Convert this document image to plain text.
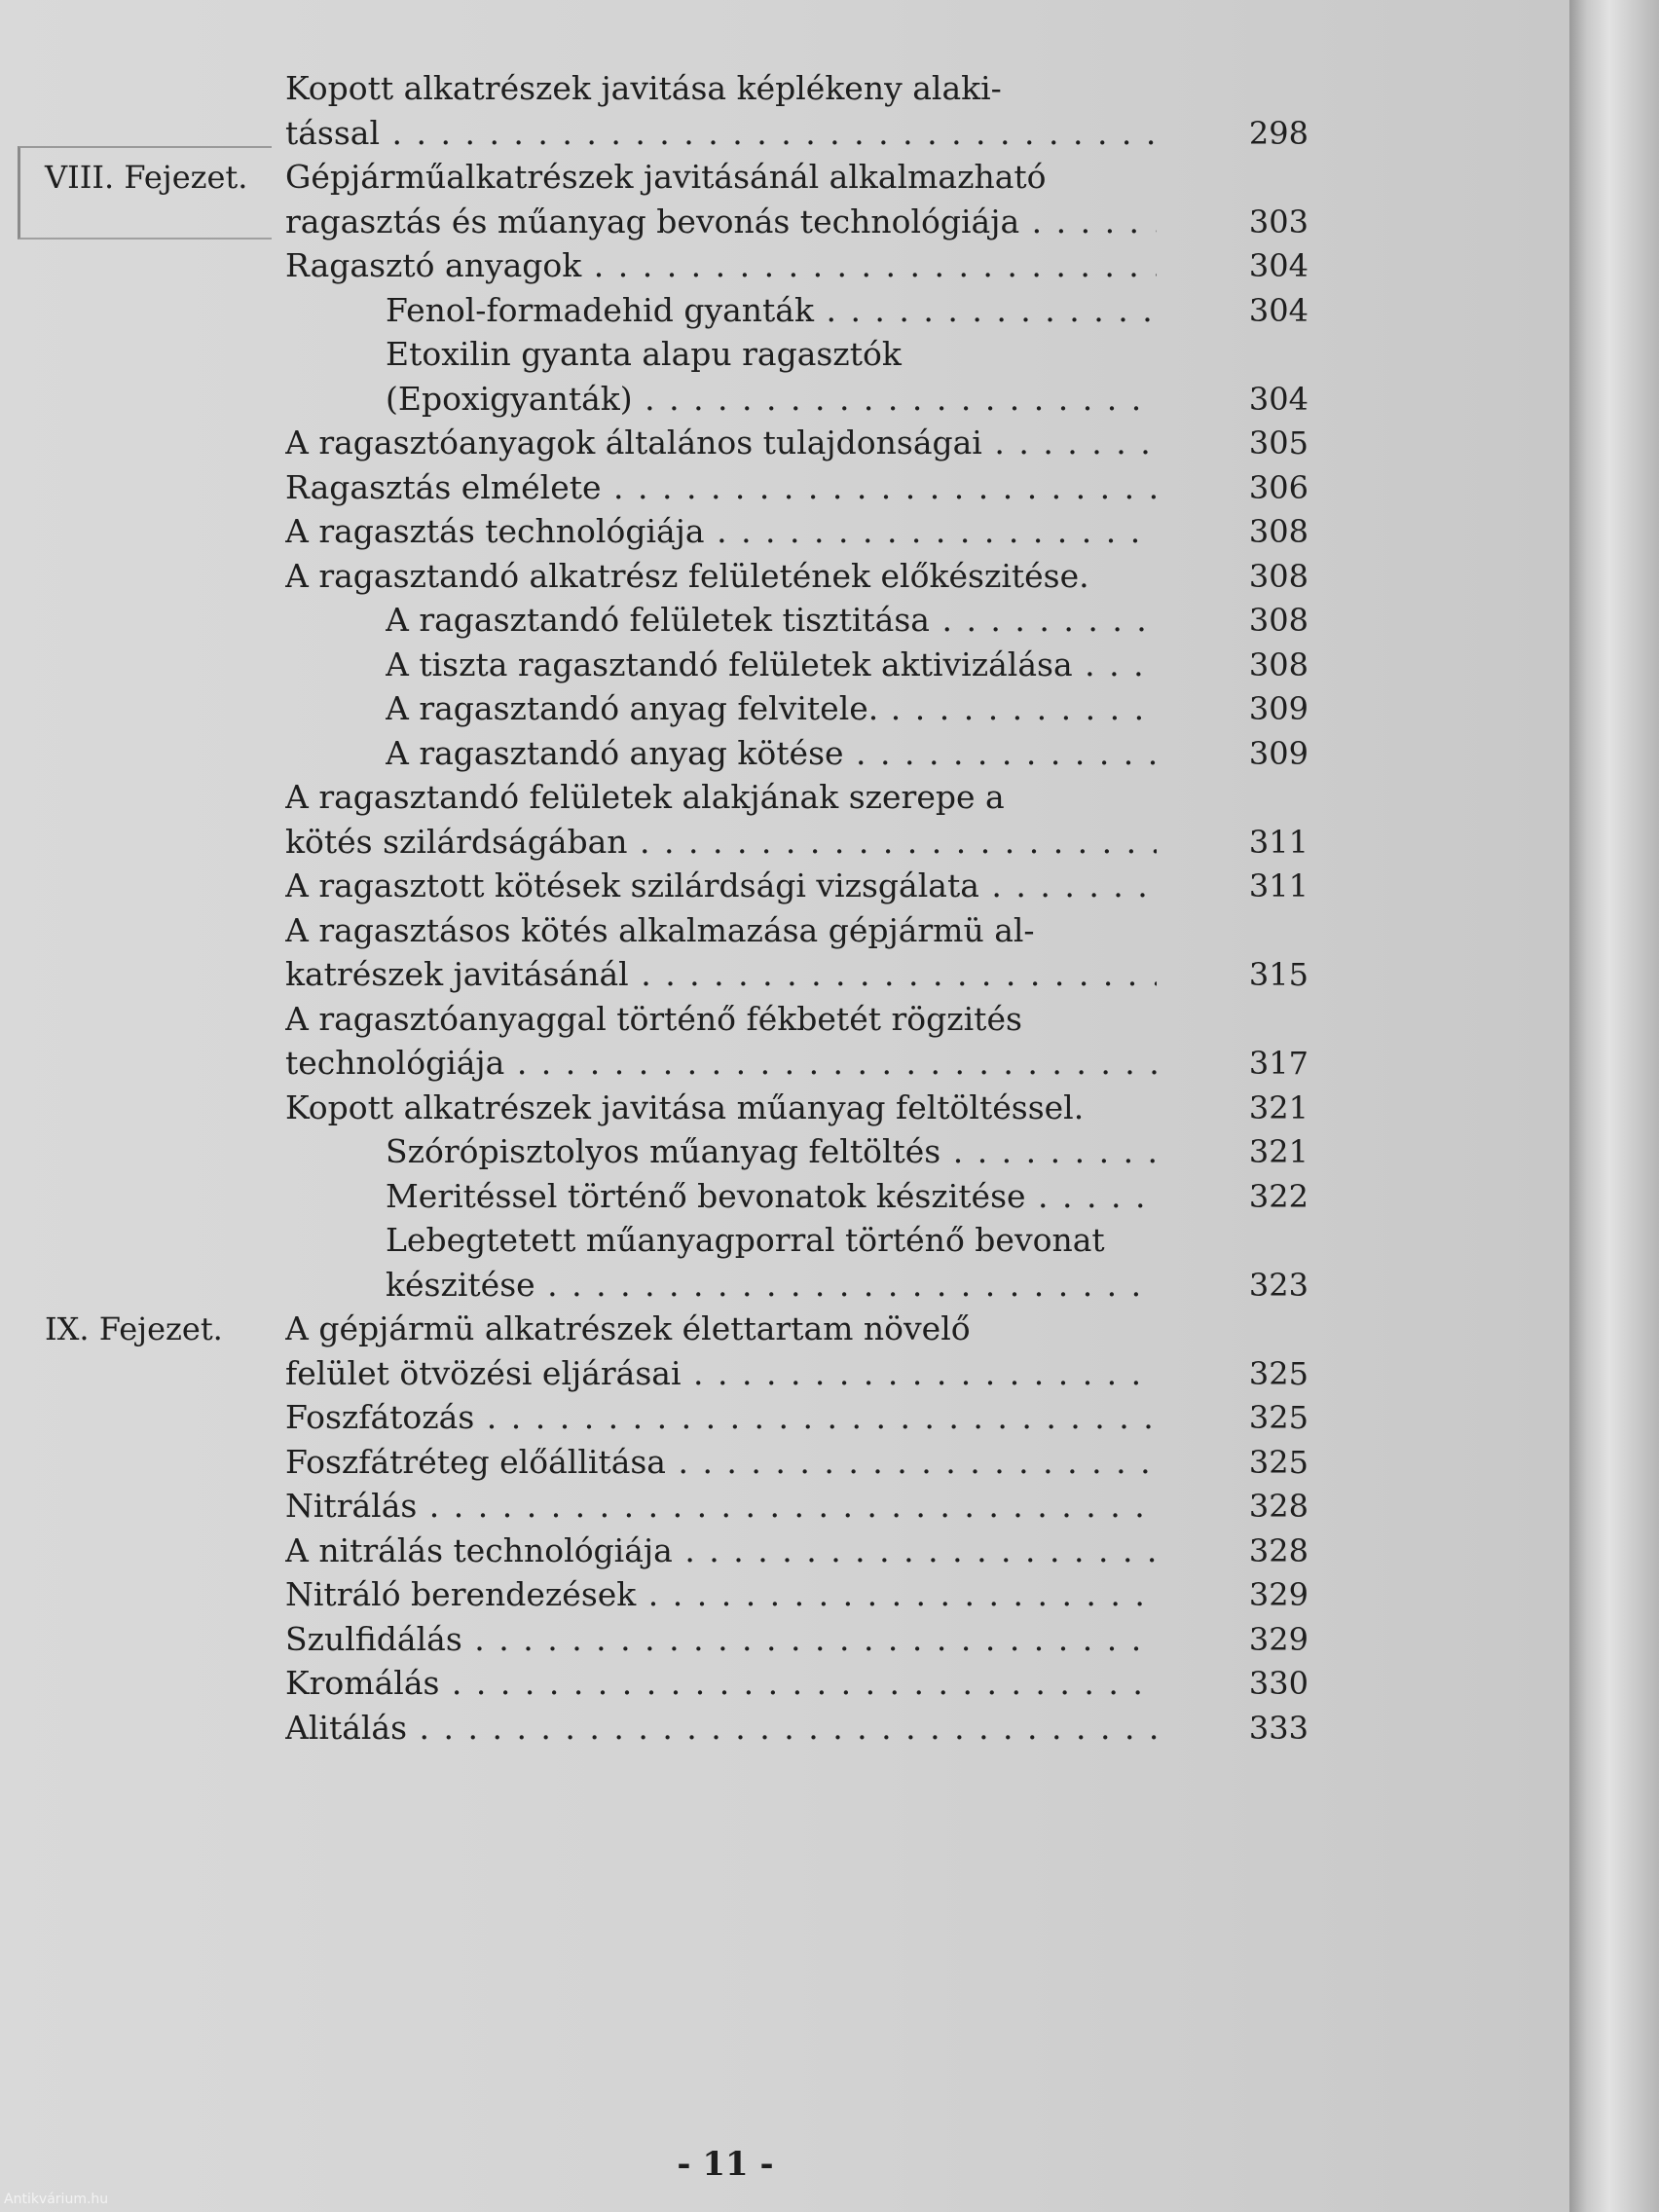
Kopott alkatrészek javitása képlékeny alaki-
tással . . .	298
VIII. Fejezet. Gépjárműalkatrészek javitásánál alkalmazható
ragasztás és műanyag bevonás technológiája . . .	303
Ragasztó anyagok . . .	304
Fenol-formadehid gyanták . . .	304
Etoxilin gyanta alapu ragasztók
(Epoxigyanták) . . .	304
A ragasztóanyagok általános tulajdonságai . . .	305
Ragasztás elmélete . . .	306
A ragasztás technológiája . . .	308
A ragasztandó alkatrész felületének előkészitése.	308
A ragasztandó felületek tisztitása . . .	308
A tiszta ragasztandó felületek aktivizálása . . .	308
A ragasztandó anyag felvitele. . . .	309
A ragasztandó anyag kötése . . .	309
A ragasztandó felületek alakjának szerepe a
kötés szilárdságában . . .	311
A ragasztott kötések szilárdsági vizsgálata . . .	311
A ragasztásos kötés alkalmazása gépjármü al-
katrészek javitásánál . . .	315
A ragasztóanyaggal történő fékbetét rögzités
technológiája . . .	317
Kopott alkatrészek javitása műanyag feltöltéssel.	321
Szórópisztolyos műanyag feltöltés . . .	321
Meritéssel történő bevonatok készitése . . .	322
Lebegtetett műanyagporral történő bevonat
készitése . . .	323
IX. Fejezet. A gépjármü alkatrészek élettartam növelő
felület ötvözési eljárásai . . .	325
Foszfátozás . . .	325
Foszfátréteg előállitása . . .	325
Nitrálás . . .	328
A nitrálás technológiája . . .	328
Nitráló berendezések . . .	329
Szulfidálás . . .	329
Kromálás . . .	330
Alitálás . . .	333
- 11 -
Antikvárium.hu
